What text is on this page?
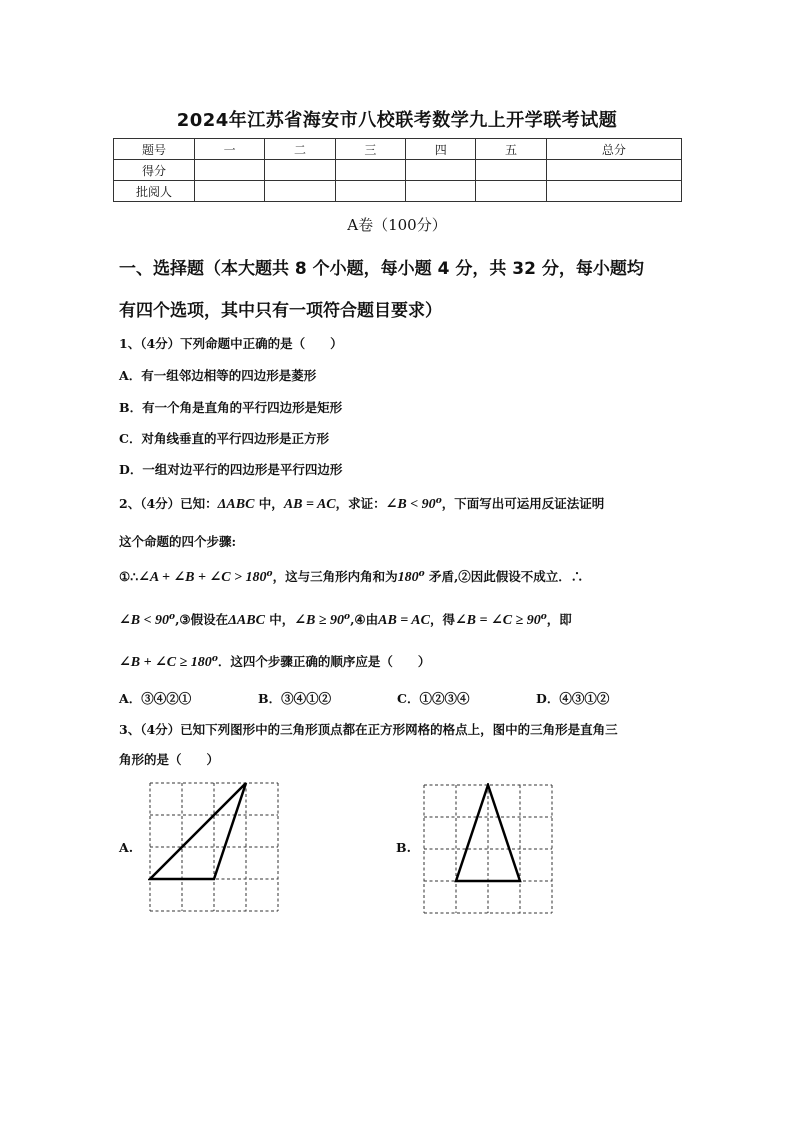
2024年江苏省海安市八校联考数学九上开学联考试题
题号	一	二	三	四	五	总分
得分						
批阅人						
A卷（100分）
一、选择题（本大题共 8 个小题，每小题 4 分，共 32 分，每小题均
有四个选项，其中只有一项符合题目要求）
1、（4分）下列命题中正确的是（　　）
A．有一组邻边相等的四边形是菱形
B．有一个角是直角的平行四边形是矩形
C．对角线垂直的平行四边形是正方形
D．一组对边平行的四边形是平行四边形
2、（4分）已知：ΔABC 中，AB = AC，求证：∠B < $90^o$，下面写出可运用反证法证明
这个命题的四个步骤:
①∴∠A + ∠B + ∠C > $180^o$，这与三角形内角和为180$^o$ 矛盾,②因此假设不成立．∴
∠B < $90^o,③$假设在ΔABC 中，∠B ≥ $90^o,④$由AB = AC，得∠B = ∠C ≥ $90^o$，即
∠B + ∠C ≥ $180^o$．这四个步骤正确的顺序应是（　　）
A．③④②①	B．③④①②	C．①②③④	D．④③①②
3、（4分）已知下列图形中的三角形顶点都在正方形网格的格点上，图中的三角形是直角三
角形的是（　　）
A.	B.
